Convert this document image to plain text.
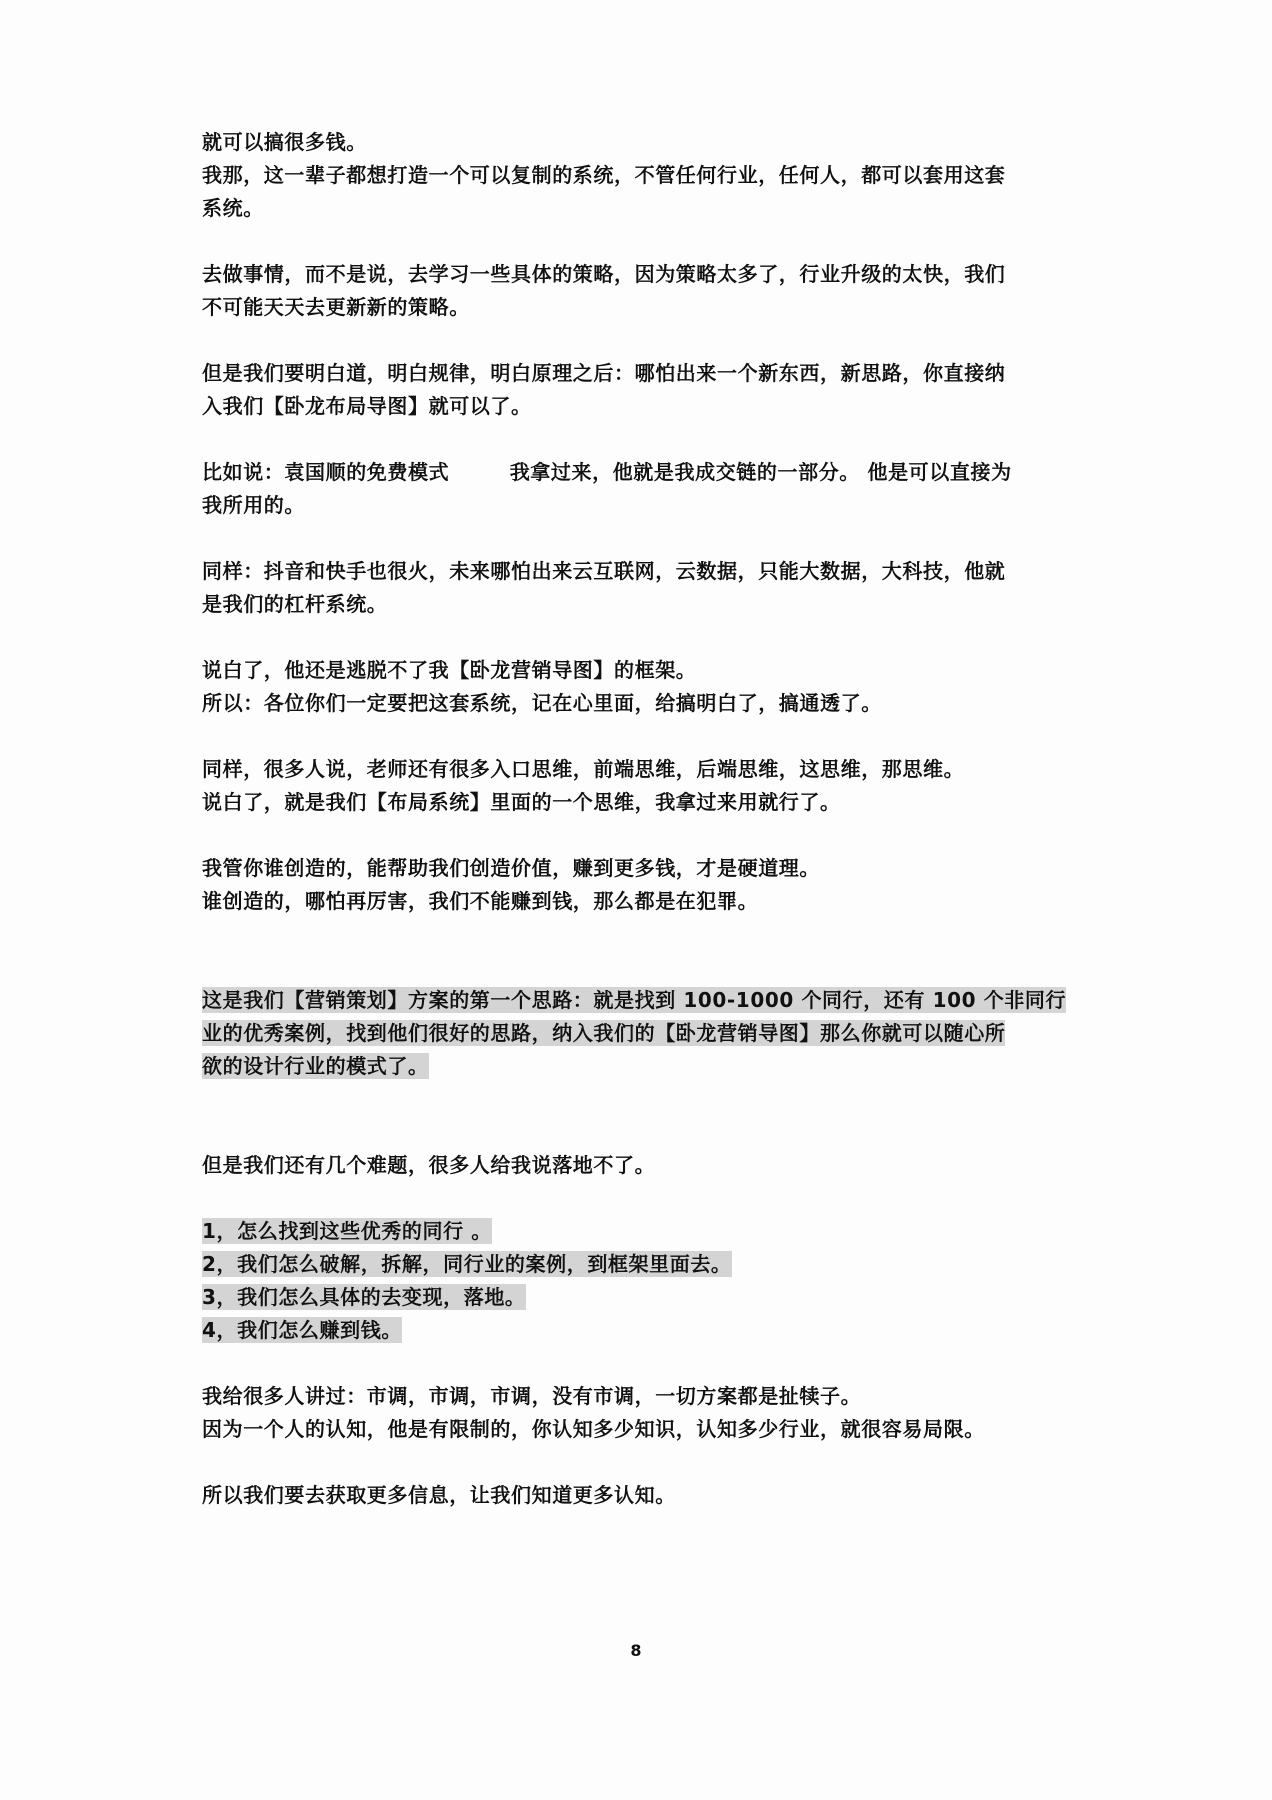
就可以搞很多钱。
我那，这一辈子都想打造一个可以复制的系统，不管任何行业，任何人，都可以套用这套
系统。
去做事情，而不是说，去学习一些具体的策略，因为策略太多了，行业升级的太快，我们
不可能天天去更新新的策略。
但是我们要明白道，明白规律，明白原理之后：哪怕出来一个新东西，新思路，你直接纳
入我们【卧龙布局导图】就可以了。
比如说：袁国顺的免费模式        我拿过来，他就是我成交链的一部分。 他是可以直接为
我所用的。
同样：抖音和快手也很火，未来哪怕出来云互联网，云数据，只能大数据，大科技，他就
是我们的杠杆系统。
说白了，他还是逃脱不了我【卧龙营销导图】的框架。
所以：各位你们一定要把这套系统，记在心里面，给搞明白了，搞通透了。
同样，很多人说，老师还有很多入口思维，前端思维，后端思维，这思维，那思维。
说白了，就是我们【布局系统】里面的一个思维，我拿过来用就行了。
我管你谁创造的，能帮助我们创造价值，赚到更多钱，才是硬道理。
谁创造的，哪怕再厉害，我们不能赚到钱，那么都是在犯罪。
这是我们【营销策划】方案的第一个思路：就是找到 100-1000 个同行，还有 100 个非同行
业的优秀案例，找到他们很好的思路，纳入我们的【卧龙营销导图】那么你就可以随心所
欲的设计行业的模式了。
但是我们还有几个难题，很多人给我说落地不了。
1，怎么找到这些优秀的同行 。
2，我们怎么破解，拆解，同行业的案例，到框架里面去。
3，我们怎么具体的去变现，落地。
4，我们怎么赚到钱。
我给很多人讲过：市调，市调，市调，没有市调，一切方案都是扯犊子。
因为一个人的认知，他是有限制的，你认知多少知识，认知多少行业，就很容易局限。
所以我们要去获取更多信息，让我们知道更多认知。
8
